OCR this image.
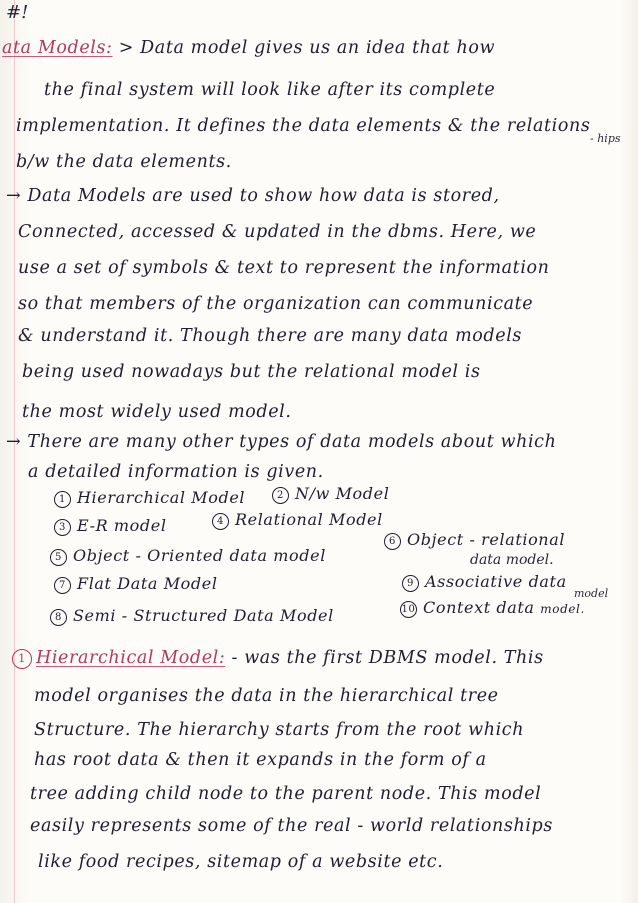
#!
ata Models: > Data model gives us an idea that how
the final system will look like after its complete
implementation. It defines the data elements & the relations
- hips
b/w the data elements.
→ Data Models are used to show how data is stored,
Connected, accessed & updated in the dbms. Here, we
use a set of symbols & text to represent the information
so that members of the organization can communicate
& understand it. Though there are many data models
being used nowadays but the relational model is
the most widely used model.
→ There are many other types of data models about which
a detailed information is given.
1 Hierarchical Model	2 N/w Model
3 E-R model	4 Relational Model
5 Object - Oriented data model
6 Object - relational
data model.
7 Flat Data Model
8 Semi - Structured Data Model
9 Associative data
model
10 Context data model.
1 Hierarchical Model: - was the first DBMS model. This
model organises the data in the hierarchical tree
Structure. The hierarchy starts from the root which
has root data & then it expands in the form of a
tree adding child node to the parent node. This model
easily represents some of the real - world relationships
like food recipes, sitemap of a website etc.
